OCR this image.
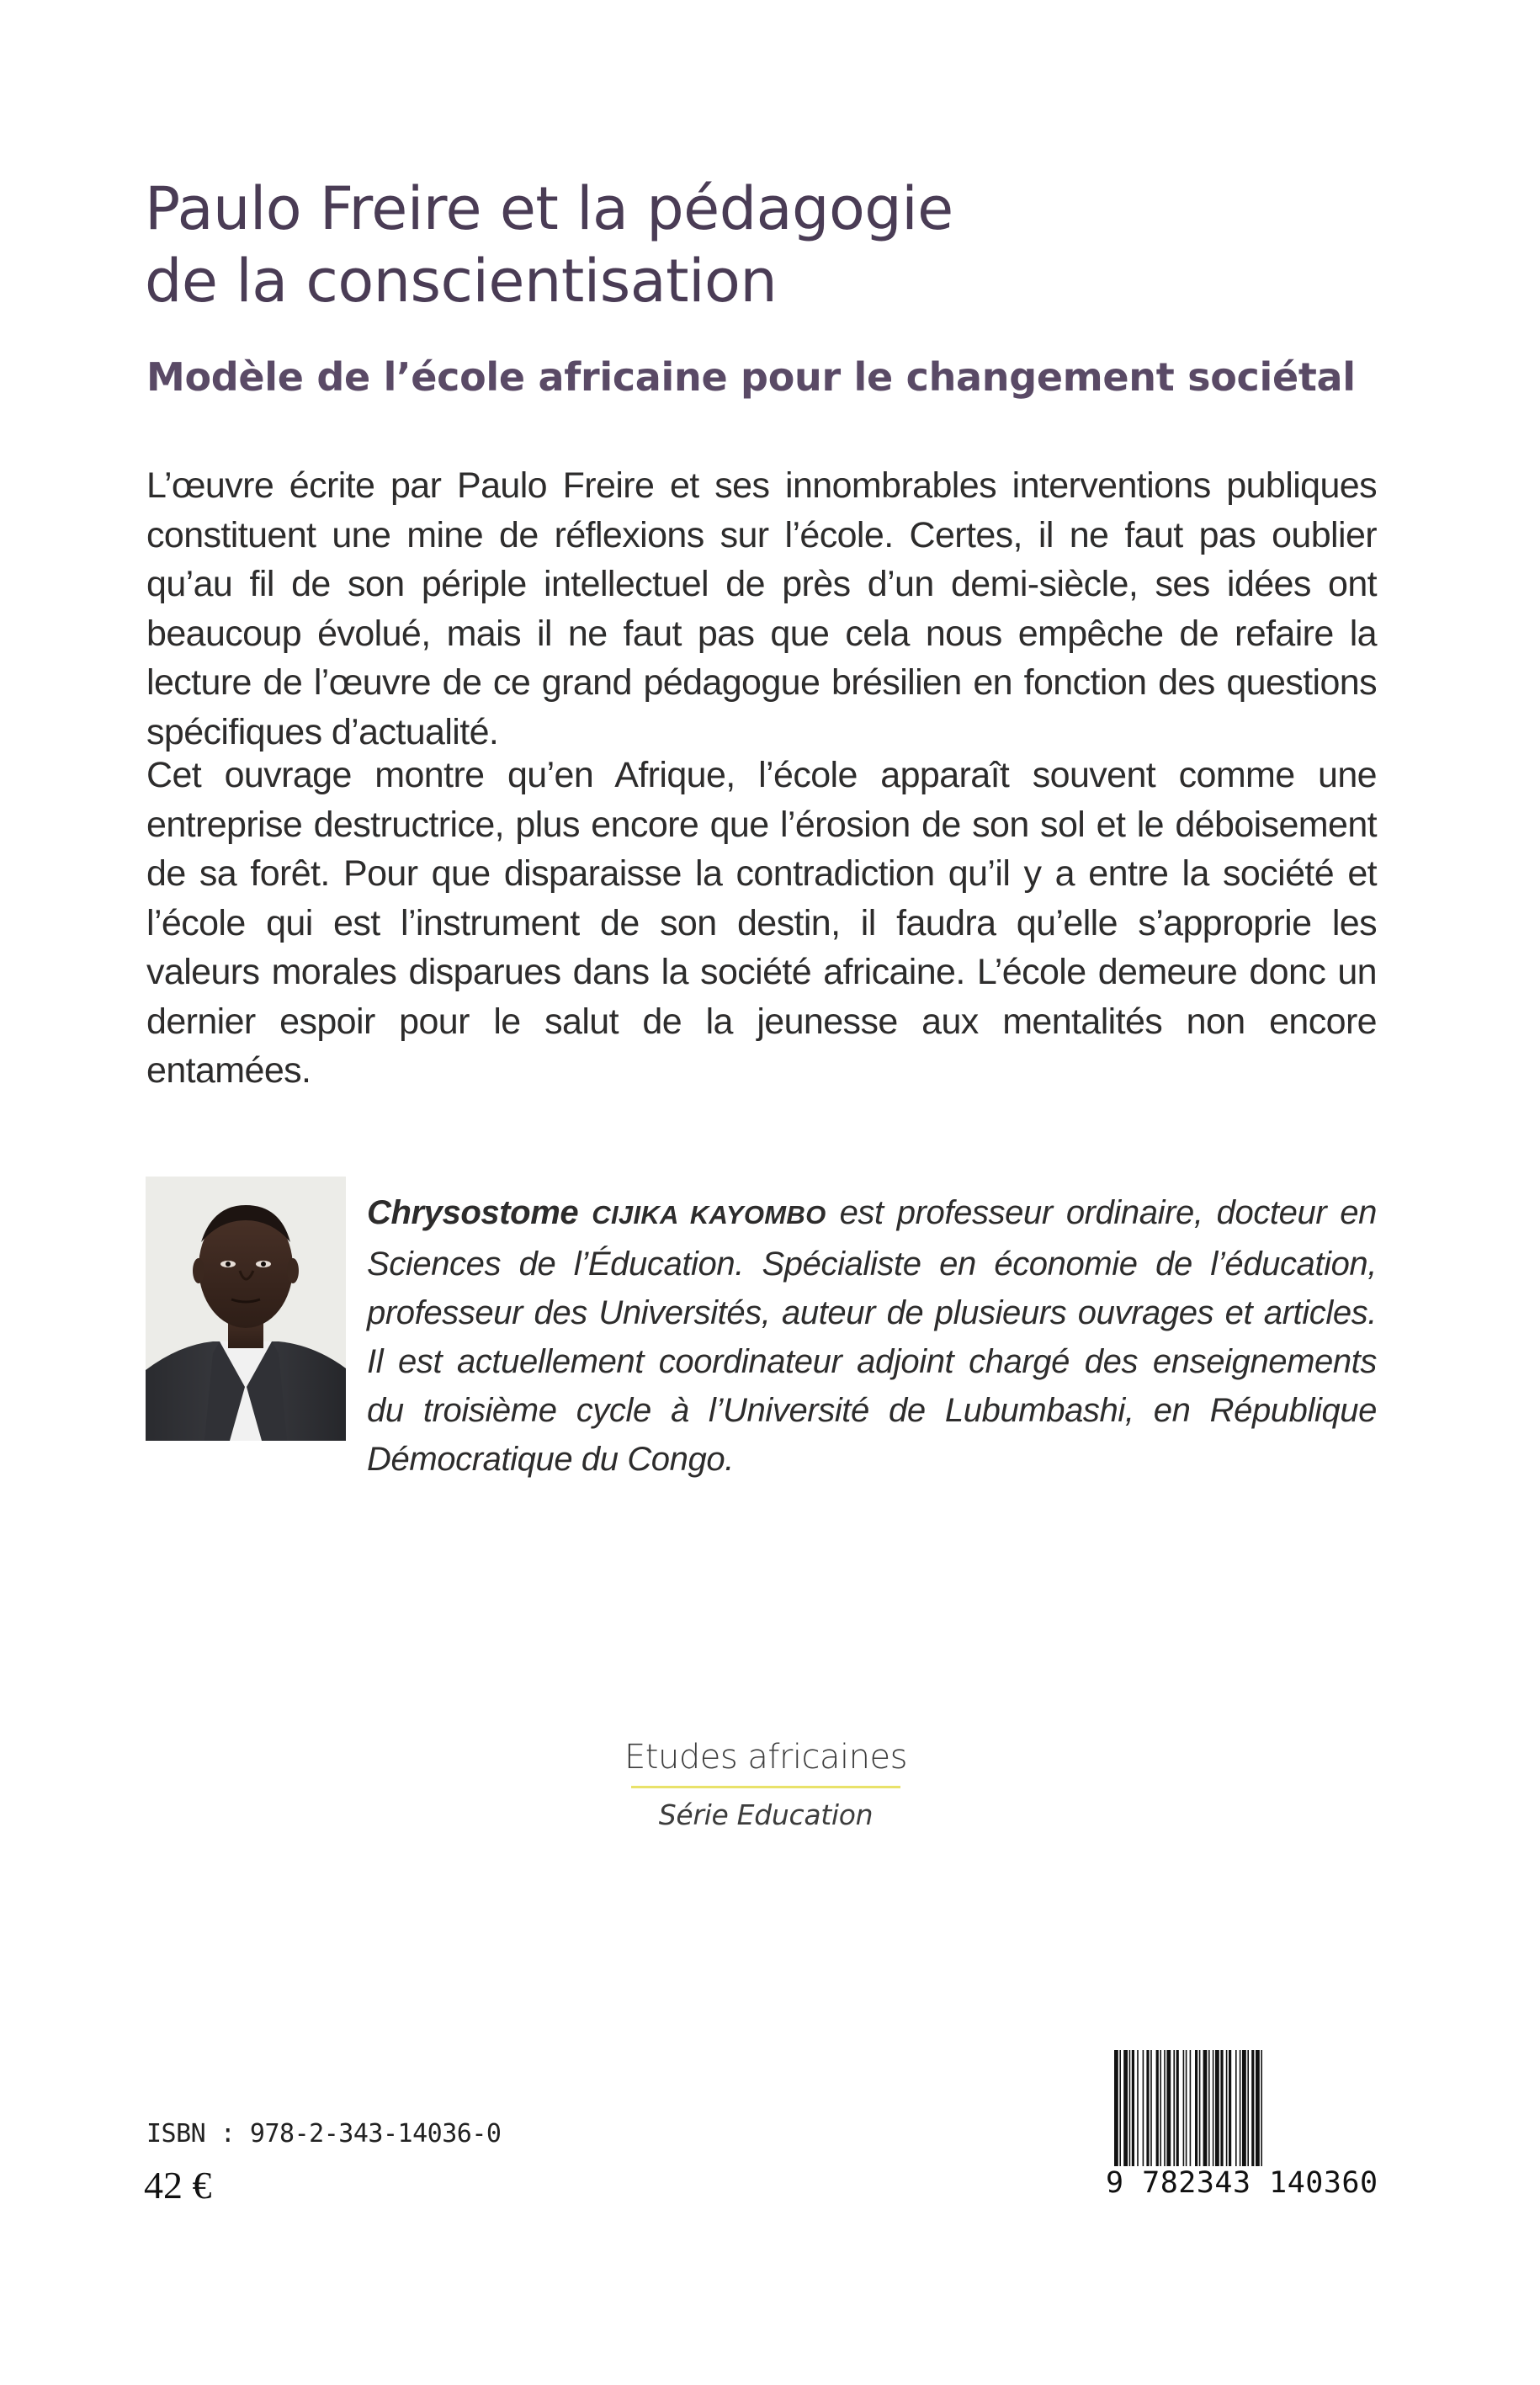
Paulo Freire et la pédagogie
de la conscientisation
Modèle de l’école africaine pour le changement sociétal

L’œuvre écrite par Paulo Freire et ses innombrables interventions publiques constituent une mine de réflexions sur l’école. Certes, il ne faut pas oublier qu’au fil de son périple intellectuel de près d’un demi-siècle, ses idées ont beaucoup évolué, mais il ne faut pas que cela nous empêche de refaire la lecture de l’œuvre de ce grand pédagogue brésilien en fonction des questions spécifiques d’actualité.

Cet ouvrage montre qu’en Afrique, l’école apparaît souvent comme une entreprise destructrice, plus encore que l’érosion de son sol et le déboisement de sa forêt. Pour que disparaisse la contradiction qu’il y a entre la société et l’école qui est l’instrument de son destin, il faudra qu’elle s’approprie les valeurs morales disparues dans la société africaine. L’école demeure donc un dernier espoir pour le salut de la jeunesse aux mentalités non encore entamées.

Chrysostome CIJIKA KAYOMBO est professeur ordinaire, docteur en Sciences de l’Éducation. Spécialiste en économie de l’éducation, professeur des Universités, auteur de plusieurs ouvrages et articles. Il est actuellement coordinateur adjoint chargé des enseignements du troisième cycle à l’Université de Lubumbashi, en République Démocratique du Congo.

Etudes africaines
Série Education
ISBN : 978-2-343-14036-0
42 €	9 782343 140360
